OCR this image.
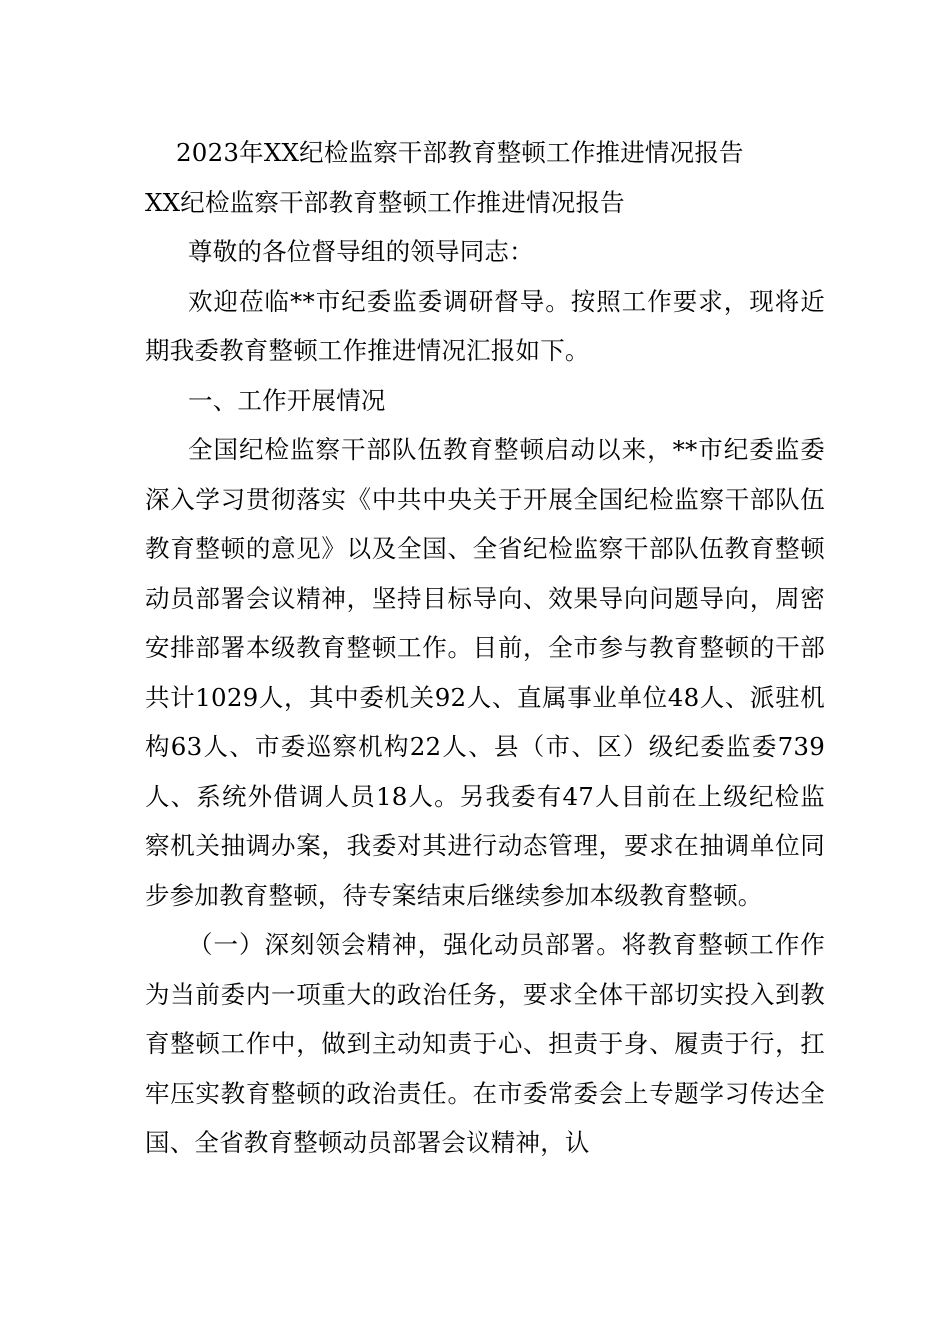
2023年XX纪检监察干部教育整顿工作推进情况报告

XX纪检监察干部教育整顿工作推进情况报告

尊敬的各位督导组的领导同志：

欢迎莅临**市纪委监委调研督导。按照工作要求，现将近期我委教育整顿工作推进情况汇报如下。

一、工作开展情况

全国纪检监察干部队伍教育整顿启动以来，**市纪委监委深入学习贯彻落实《中共中央关于开展全国纪检监察干部队伍教育整顿的意见》以及全国、全省纪检监察干部队伍教育整顿动员部署会议精神，坚持目标导向、效果导向问题导向，周密安排部署本级教育整顿工作。目前，全市参与教育整顿的干部共计1029人，其中委机关92人、直属事业单位48人、派驻机构63人、市委巡察机构22人、县（市、区）级纪委监委739人、系统外借调人员18人。另我委有47人目前在上级纪检监察机关抽调办案，我委对其进行动态管理，要求在抽调单位同步参加教育整顿，待专案结束后继续参加本级教育整顿。

（一）深刻领会精神，强化动员部署。将教育整顿工作作为当前委内一项重大的政治任务，要求全体干部切实投入到教育整顿工作中，做到主动知责于心、担责于身、履责于行，扛牢压实教育整顿的政治责任。在市委常委会上专题学习传达全国、全省教育整顿动员部署会议精神，认
